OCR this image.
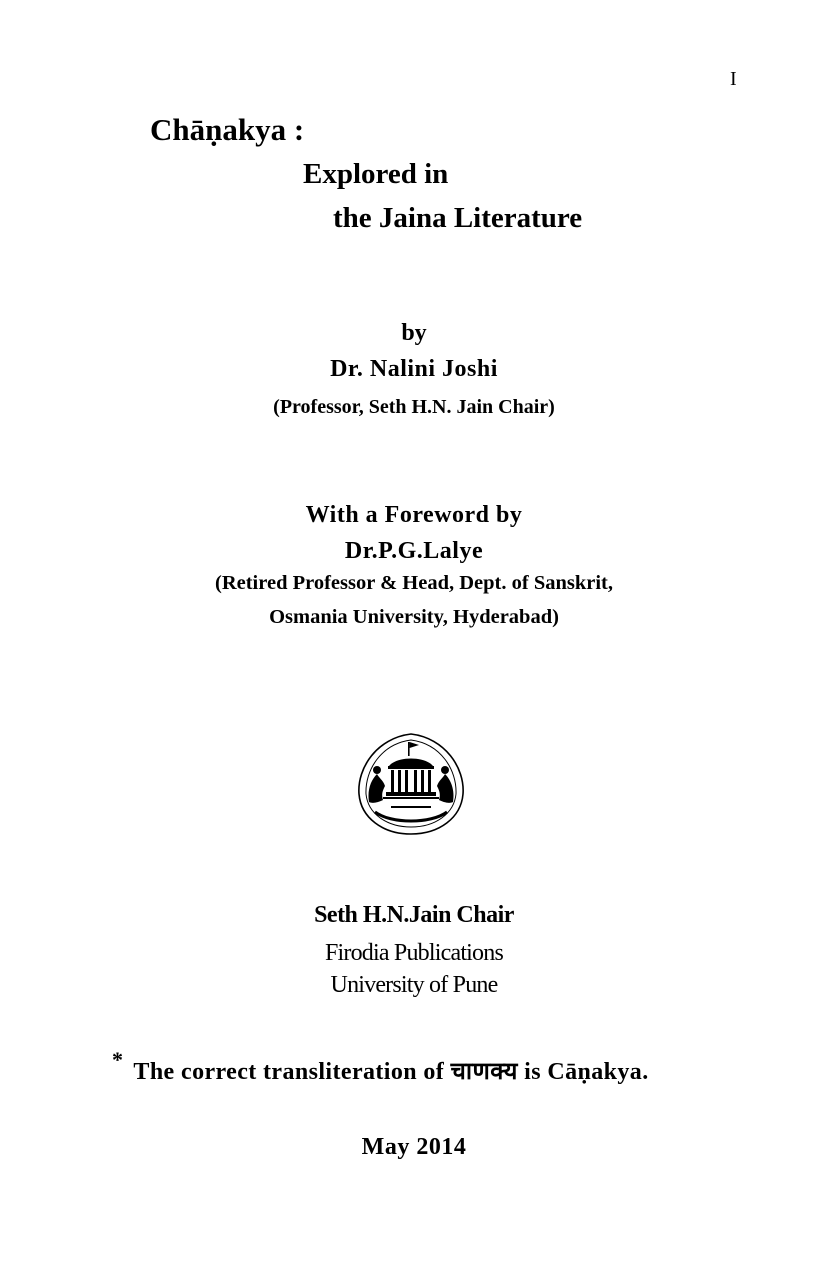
I
Chāṇakya :
Explored in
the Jaina Literature
by
Dr. Nalini Joshi
(Professor, Seth H.N. Jain Chair)
With a Foreword by
Dr.P.G.Lalye
(Retired Professor & Head, Dept. of Sanskrit,
Osmania University, Hyderabad)
Seth H.N.Jain Chair
Firodia Publications
University of Pune
* The correct transliteration of चाणक्य is Cāṇakya.
May 2014
